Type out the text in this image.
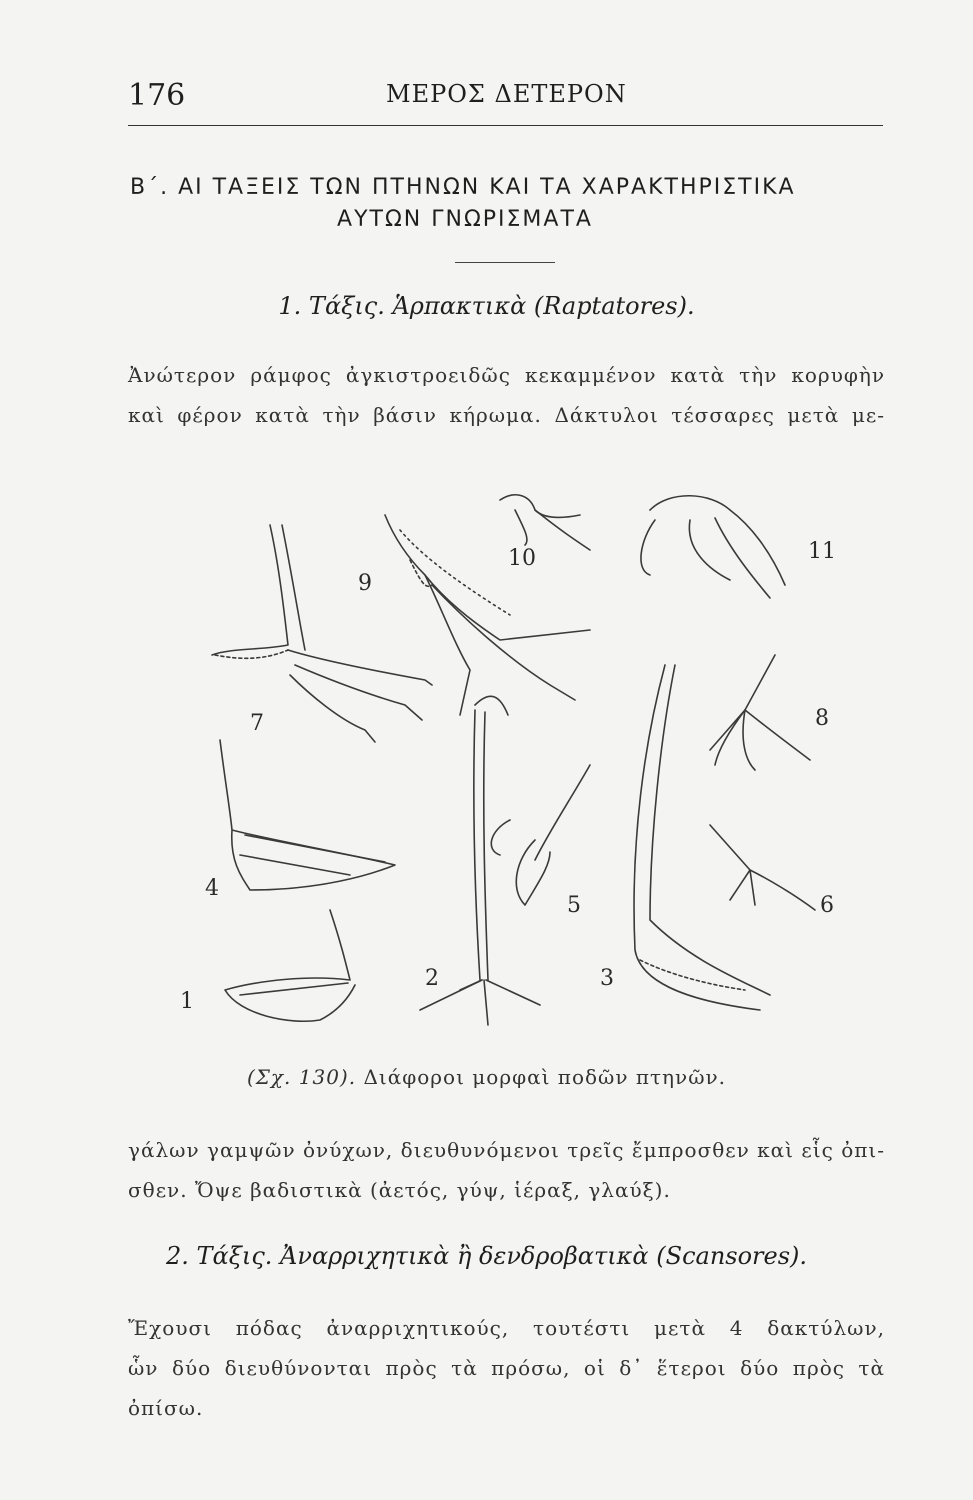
176	ΜΕΡΟΣ ΔΕΤΕΡΟΝ
Β΄. ΑΙ ΤΑΞΕΙΣ ΤΩΝ ΠΤΗΝΩΝ ΚΑΙ ΤΑ ΧΑΡΑΚΤΗΡΙΣΤΙΚΑ
ΑΥΤΩΝ ΓΝΩΡΙΣΜΑΤΑ
1. Τάξις. Ἁρπακτικὰ (Raptatores).
Ἀνώτερον ράμφος ἀγκιστροειδῶς κεκαμμένον κατὰ τὴν κορυφὴν
καὶ φέρον κατὰ τὴν βάσιν κήρωμα. Δάκτυλοι τέσσαρες μετὰ με-
1
2	3
4
5	6
7	8
9
10	11
(Σχ. 130). Διάφοροι μορφαὶ ποδῶν πτηνῶν.
γάλων γαμψῶν ὀνύχων, διευθυνόμενοι τρεῖς ἔμπροσθεν καὶ εἷς ὀπι-
σθεν. Ὄψε βαδιστικὰ (ἀετός, γύψ, ἱέραξ, γλαύξ).
2. Τάξις. Ἀναρριχητικὰ ἢ δενδροβατικὰ (Scansores).
Ἔχουσι πόδας ἀναρριχητικούς, τουτέστι μετὰ 4 δακτύλων,
ὧν δύο διευθύνονται πρὸς τὰ πρόσω, οἱ δ᾽ ἕτεροι δύο πρὸς τὰ ὀπίσω.
